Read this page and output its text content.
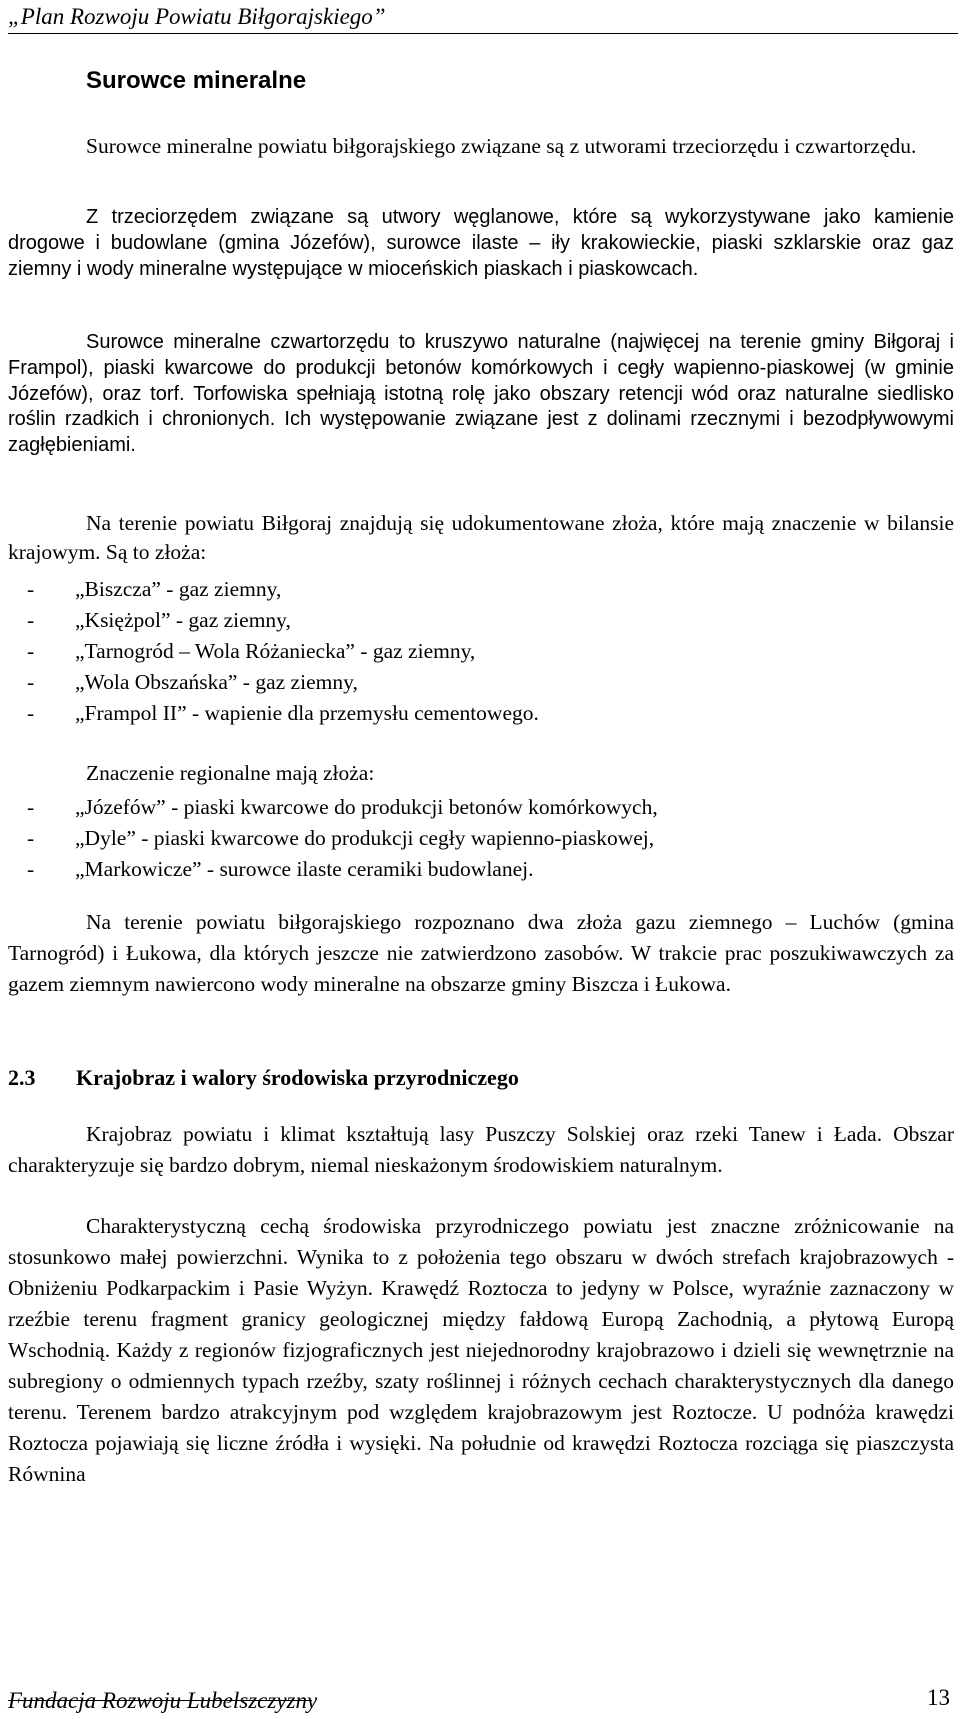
„Plan Rozwoju Powiatu Biłgorajskiego”
Surowce mineralne
Surowce mineralne powiatu biłgorajskiego związane są z utworami trzeciorzędu i czwartorzędu.
Z trzeciorzędem związane są utwory węglanowe, które są wykorzystywane jako kamienie drogowe i budowlane (gmina Józefów), surowce ilaste – iły krakowieckie, piaski szklarskie oraz gaz ziemny i wody mineralne występujące w mioceńskich piaskach i piaskowcach.
Surowce mineralne czwartorzędu to kruszywo naturalne (najwięcej na terenie gminy Biłgoraj i Frampol), piaski kwarcowe do produkcji betonów komórkowych i cegły wapienno-piaskowej (w gminie Józefów), oraz torf. Torfowiska spełniają istotną rolę jako obszary retencji wód oraz naturalne siedlisko roślin rzadkich i chronionych. Ich występowanie związane jest z dolinami rzecznymi i bezodpływowymi zagłębieniami.
Na terenie powiatu Biłgoraj znajdują się udokumentowane złoża, które mają znaczenie w bilansie krajowym. Są to złoża:
- „Biszcza” - gaz ziemny,
- „Księżpol” - gaz ziemny,
- „Tarnogród – Wola Różaniecka” - gaz ziemny,
- „Wola Obszańska” - gaz ziemny,
- „Frampol II” - wapienie dla przemysłu cementowego.
Znaczenie regionalne mają złoża:
- „Józefów” - piaski kwarcowe do produkcji betonów komórkowych,
- „Dyle” - piaski kwarcowe do produkcji cegły wapienno-piaskowej,
- „Markowicze” - surowce ilaste ceramiki budowlanej.
Na terenie powiatu biłgorajskiego rozpoznano dwa złoża gazu ziemnego – Luchów (gmina Tarnogród) i Łukowa, dla których jeszcze nie zatwierdzono zasobów. W trakcie prac poszukiwawczych za gazem ziemnym nawiercono wody mineralne na obszarze gminy Biszcza i Łukowa.
2.3 Krajobraz i walory środowiska przyrodniczego
Krajobraz powiatu i klimat kształtują lasy Puszczy Solskiej oraz rzeki Tanew i Łada. Obszar charakteryzuje się bardzo dobrym, niemal nieskażonym środowiskiem naturalnym.
Charakterystyczną cechą środowiska przyrodniczego powiatu jest znaczne zróżnicowanie na stosunkowo małej powierzchni. Wynika to z położenia tego obszaru w dwóch strefach krajobrazowych - Obniżeniu Podkarpackim i Pasie Wyżyn. Krawędź Roztocza to jedyny w Polsce, wyraźnie zaznaczony w rzeźbie terenu fragment granicy geologicznej między fałdową Europą Zachodnią, a płytową Europą Wschodnią. Każdy z regionów fizjograficznych jest niejednorodny krajobrazowo i dzieli się wewnętrznie na subregiony o odmiennych typach rzeźby, szaty roślinnej i różnych cechach charakterystycznych dla danego terenu. Terenem bardzo atrakcyjnym pod względem krajobrazowym jest Roztocze. U podnóża krawędzi Roztocza pojawiają się liczne źródła i wysięki. Na południe od krawędzi Roztocza rozciąga się piaszczysta Równina
Fundacja Rozwoju Lubelszczyzny	13
